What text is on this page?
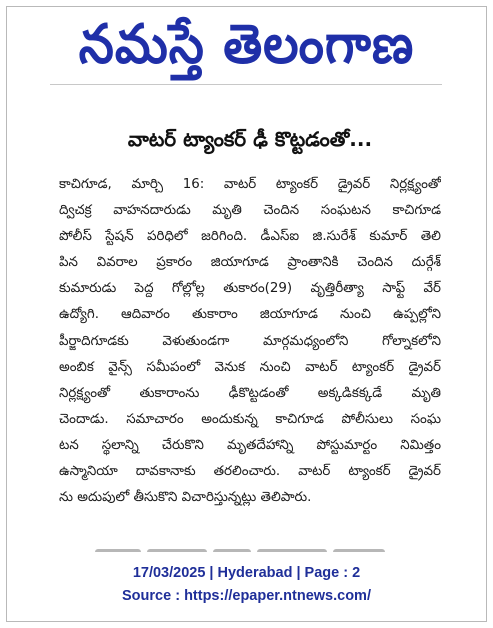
నమస్తే తెలంగాణ
వాటర్‌ ట్యాంకర్‌ ఢీ కొట్టడంతో...
కాచిగూడ, మార్చి 16: వాటర్‌ ట్యాంకర్‌ డ్రైవర్‌ నిర్లక్ష్యంతో
ద్విచక్ర వాహనదారుడు మృతి చెందిన సంఘటన కాచిగూడ
పోలీస్‌ స్టేషన్‌ పరిధిలో జరిగింది. డీఎస్‌ఐ జి.సురేశ్‌ కుమార్‌ తెలి
పిన వివరాల ప్రకారం జియాగూడ ప్రాంతానికి చెందిన దుర్గేశ్‌
కుమారుడు పెద్ద గోల్లోల్ల తుకారం(29) వృత్తిరీత్యా సాఫ్ట్‌ వేర్‌
ఉద్యోగి. ఆదివారం తుకారాం జియాగూడ నుంచి ఉప్పల్లోని
పీర్జాదిగూడకు వెళుతుండగా మార్గమధ్యంలోని గోల్నాకలోని
అంబిక వైన్స్‌ సమీపంలో వెనుక నుంచి వాటర్‌ ట్యాంకర్‌ డ్రైవర్‌
నిర్లక్ష్యంతో తుకారాంను ఢీకొట్టడంతో అక్కడికక్కడే మృతి
చెందాడు. సమాచారం అందుకున్న కాచిగూడ పోలీసులు సంఘ
టన స్థలాన్ని చేరుకొని మృతదేహాన్ని పోస్టుమార్టం నిమిత్తం
ఉస్మానియా దావకానాకు తరలించారు. వాటర్‌ ట్యాంకర్‌ డ్రైవర్‌
ను అదుపులో తీసుకొని విచారిస్తున్నట్లు తెలిపారు.
17/03/2025 | Hyderabad | Page : 2
Source : https://epaper.ntnews.com/
